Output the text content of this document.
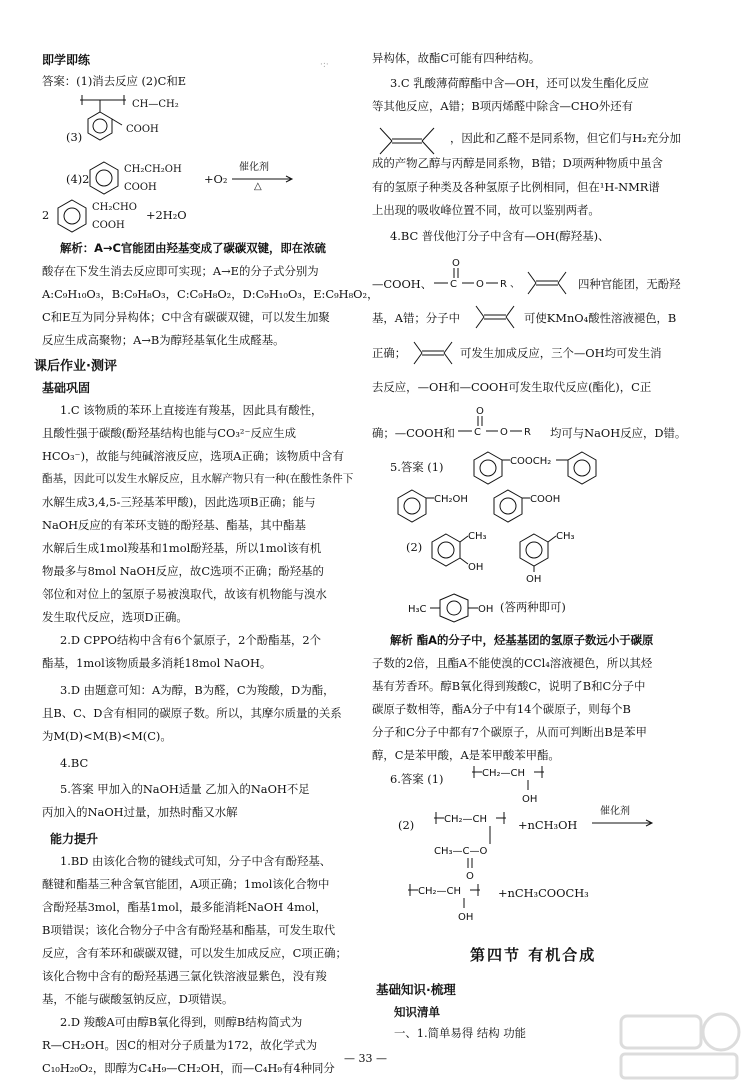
即学即练
答案：(1)消去反应 (2)C和E
(3)
CH—CH₂
COOH
(4)2
CH₂CH₂OH
COOH
+O₂
催化剂
△
2
CH₂CHO
COOH
+2H₂O
解析：A→C官能团由羟基变成了碳碳双键，即在浓硫
酸存在下发生消去反应即可实现；A→E的分子式分别为
A:C₉H₁₀O₃，B:C₉H₈O₃，C:C₉H₈O₂，D:C₉H₁₀O₃，E:C₉H₈O₂，
C和E互为同分异构体；C中含有碳碳双键，可以发生加聚
反应生成高聚物；A→B为醇羟基氧化生成醛基。
课后作业·测评
基础巩固
1.C 该物质的苯环上直接连有羧基，因此具有酸性，
且酸性强于碳酸(酚羟基结构也能与CO₃²⁻反应生成
HCO₃⁻)，故能与纯碱溶液反应，选项A正确；该物质中含有
酯基，因此可以发生水解反应，且水解产物只有一种(在酸性条件下
水解生成3,4,5-三羟基苯甲酸)，因此选项B正确；能与
NaOH反应的有苯环支链的酚羟基、酯基，其中酯基
水解后生成1mol羧基和1mol酚羟基，所以1mol该有机
物最多与8mol NaOH反应，故C选项不正确；酚羟基的
邻位和对位上的氢原子易被溴取代，故该有机物能与溴水
发生取代反应，选项D正确。
2.D CPPO结构中含有6个氯原子，2个酚酯基，2个
酯基，1mol该物质最多消耗18mol NaOH。
3.D 由题意可知：A为醇，B为醛，C为羧酸，D为酯，
且B、C、D含有相同的碳原子数。所以，其摩尔质量的关系
为M(D)<M(B)<M(C)。
4.BC
5.答案 甲加入的NaOH适量 乙加入的NaOH不足
丙加入的NaOH过量，加热时酯又水解
能力提升
1.BD 由该化合物的键线式可知，分子中含有酚羟基、
醚键和酯基三种含氧官能团，A项正确；1mol该化合物中
含酚羟基3mol，酯基1mol，最多能消耗NaOH 4mol，
B项错误；该化合物分子中含有酚羟基和酯基，可发生取代
反应，含有苯环和碳碳双键，可以发生加成反应，C项正确；
该化合物中含有的酚羟基遇三氯化铁溶液显紫色，没有羧
基，不能与碳酸氢钠反应，D项错误。
2.D 羧酸A可由醇B氧化得到，则醇B结构简式为
R—CH₂OH。因C的相对分子质量为172，故化学式为
C₁₀H₂₀O₂，即醇为C₄H₉—CH₂OH，而—C₄H₉有4种同分
异构体，故酯C可能有四种结构。
3.C 乳酸薄荷醇酯中含—OH，还可以发生酯化反应
等其他反应，A错；B项丙烯醛中除含—CHO外还有
，因此和乙醛不是同系物，但它们与H₂充分加
成的产物乙醇与丙醇是同系物，B错；D项两种物质中虽含
有的氢原子种类及各种氢原子比例相同，但在¹H-NMR谱
上出现的吸收峰位置不同，故可以鉴别两者。
4.BC 普伐他汀分子中含有—OH(醇羟基)、
—COOH、
O
C O R 、	四种官能团，无酚羟
基，A错；分子中	可使KMnO₄酸性溶液褪色，B
正确；	可发生加成反应，三个—OH均可发生消
去反应，—OH和—COOH可发生取代反应(酯化)，C正
确；—COOH和
O
C O R 均可与NaOH反应，D错。
5.答案 (1)	COOCH₂
CH₂OH	COOH
(2)
CH₃
OH
CH₃
OH
H₃C	OH (答两种即可)
解析 酯A的分子中，烃基基团的氢原子数远小于碳原
子数的2倍，且酯A不能使溴的CCl₄溶液褪色，所以其烃
基有芳香环。醇B氧化得到羧酸C，说明了B和C分子中
碳原子数相等，酯A分子中有14个碳原子，则每个B
分子和C分子中都有7个碳原子，从而可判断出B是苯甲
醇，C是苯甲酸，A是苯甲酸苯甲酯。
6.答案 (1)	CH₂—CH
OH
(2)	CH₂—CH
CH₃—C—O
O
+nCH₃OH
催化剂
CH₂—CH
OH
+nCH₃COOCH₃
第四节 有机合成
基础知识·梳理
知识清单
一、1.简单易得 结构 功能
— 33 —
·:·
